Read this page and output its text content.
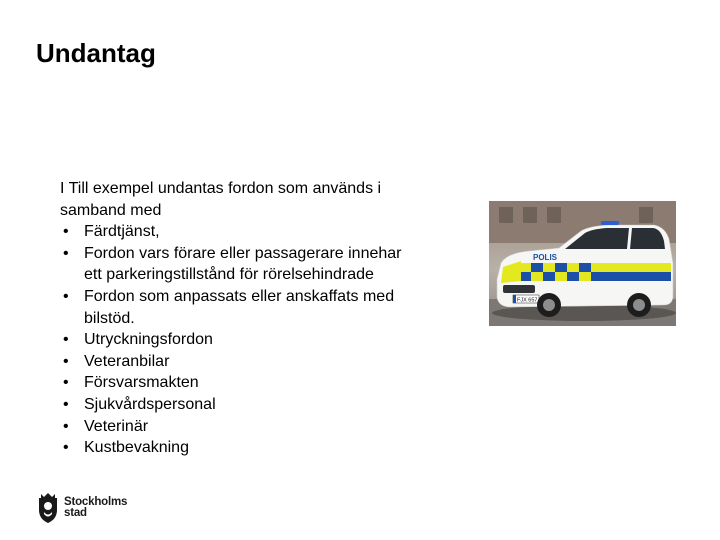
Undantag

I Till exempel undantas fordon som används i samband med

• Färdtjänst,
• Fordon vars förare eller passagerare innehar ett parkeringstillstånd för rörelsehindrade
• Fordon som anpassats eller anskaffats med bilstöd.
• Utryckningsfordon
• Veteranbilar
• Försvarsmakten
• Sjukvårdspersonal
• Veterinär
• Kustbevakning
POLIS
FJX 657
Stockholms
stad
